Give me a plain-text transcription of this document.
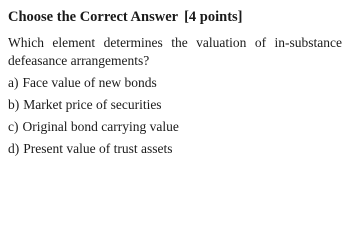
Choose the Correct Answer [4 points]

Which element determines the valuation of in-substance defeasance arrangements?

a) Face value of new bonds
b) Market price of securities
c) Original bond carrying value
d) Present value of trust assets
